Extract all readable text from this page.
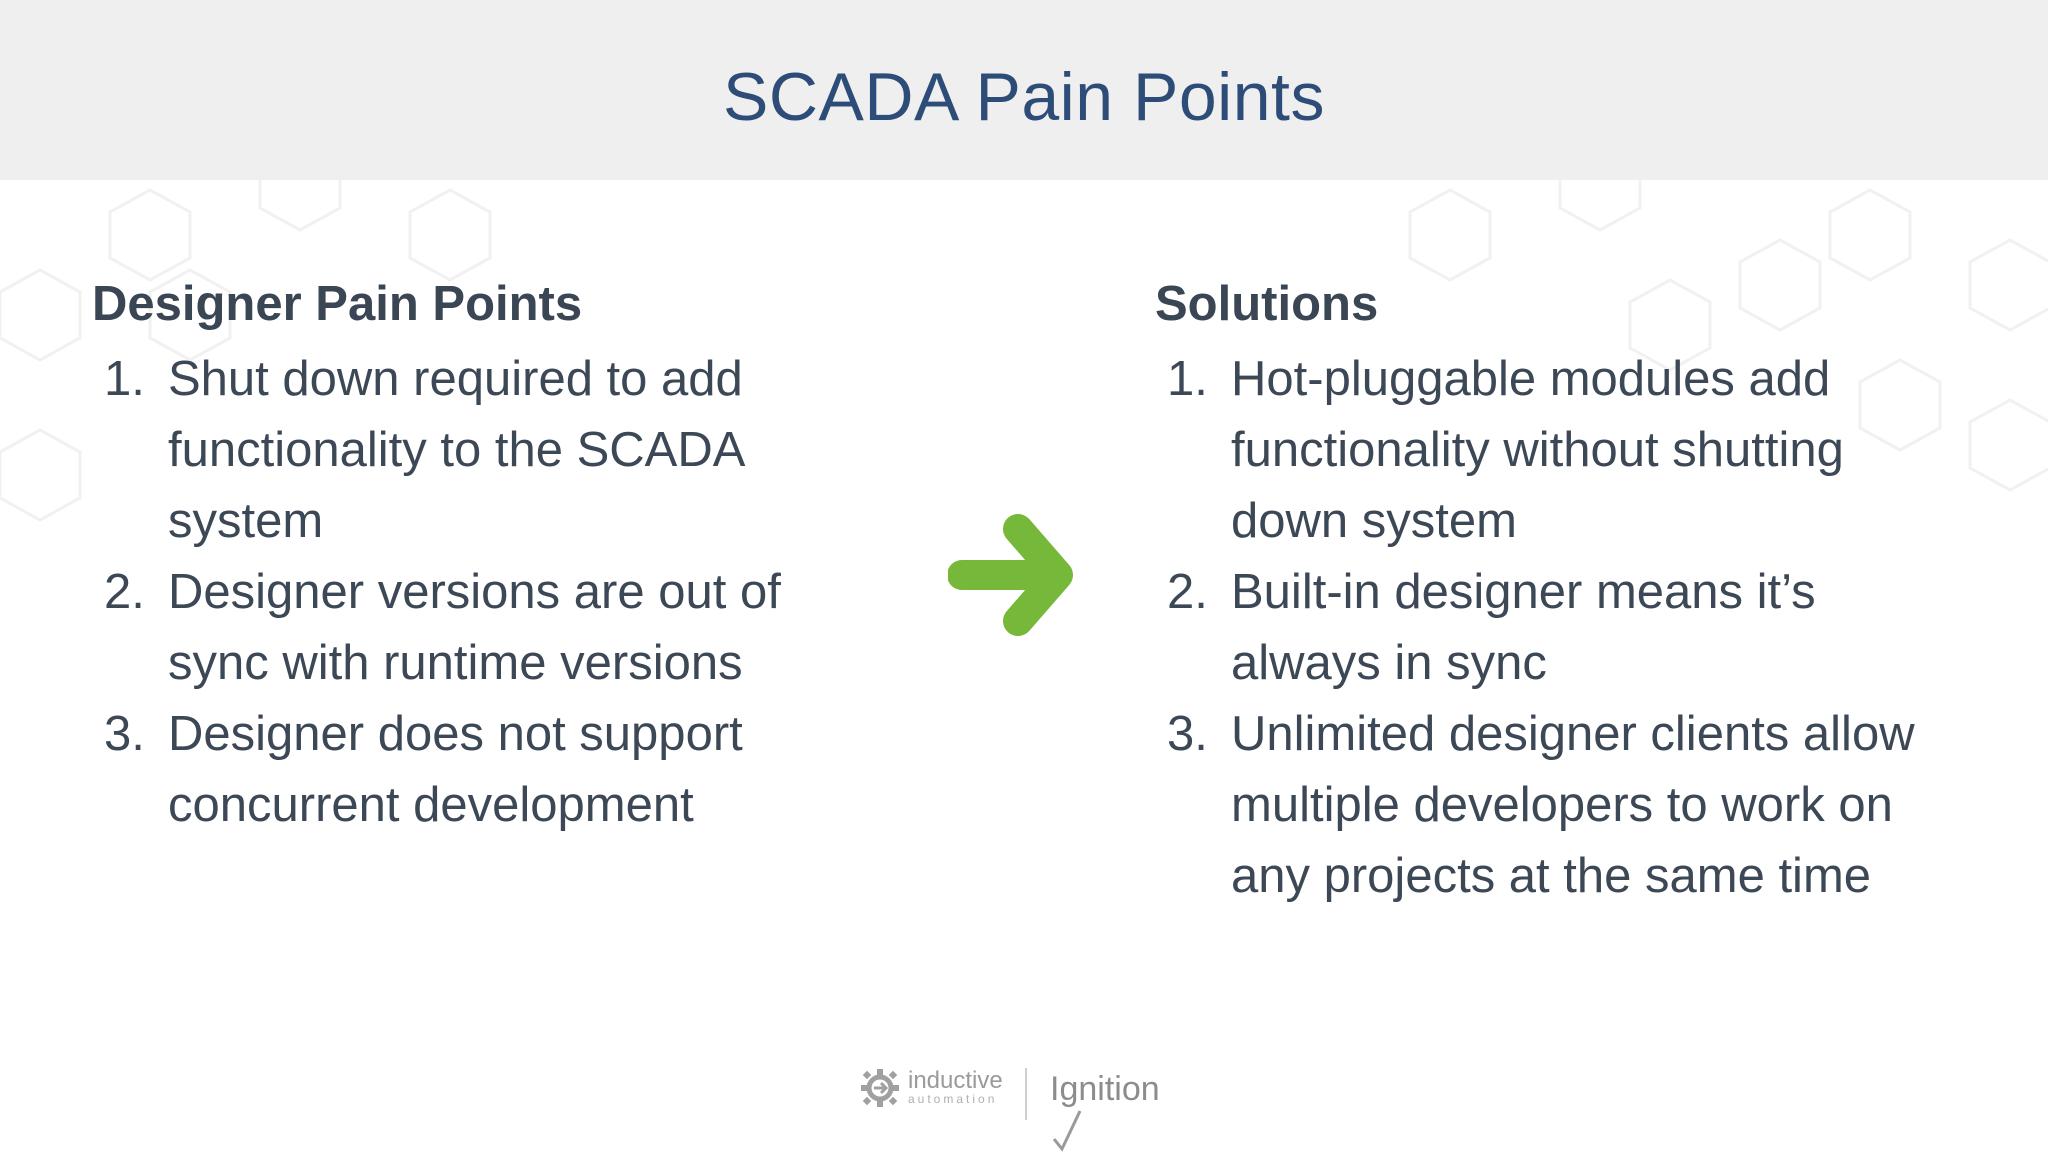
SCADA Pain Points
Designer Pain Points
1. Shut down required to add
functionality to the SCADA
system
2. Designer versions are out of
sync with runtime versions
3. Designer does not support
concurrent development
Solutions
1. Hot-pluggable modules add
functionality without shutting
down system
2. Built-in designer means it’s
always in sync
3. Unlimited designer clients allow
multiple developers to work on
any projects at the same time
inductive
automation Ignition
